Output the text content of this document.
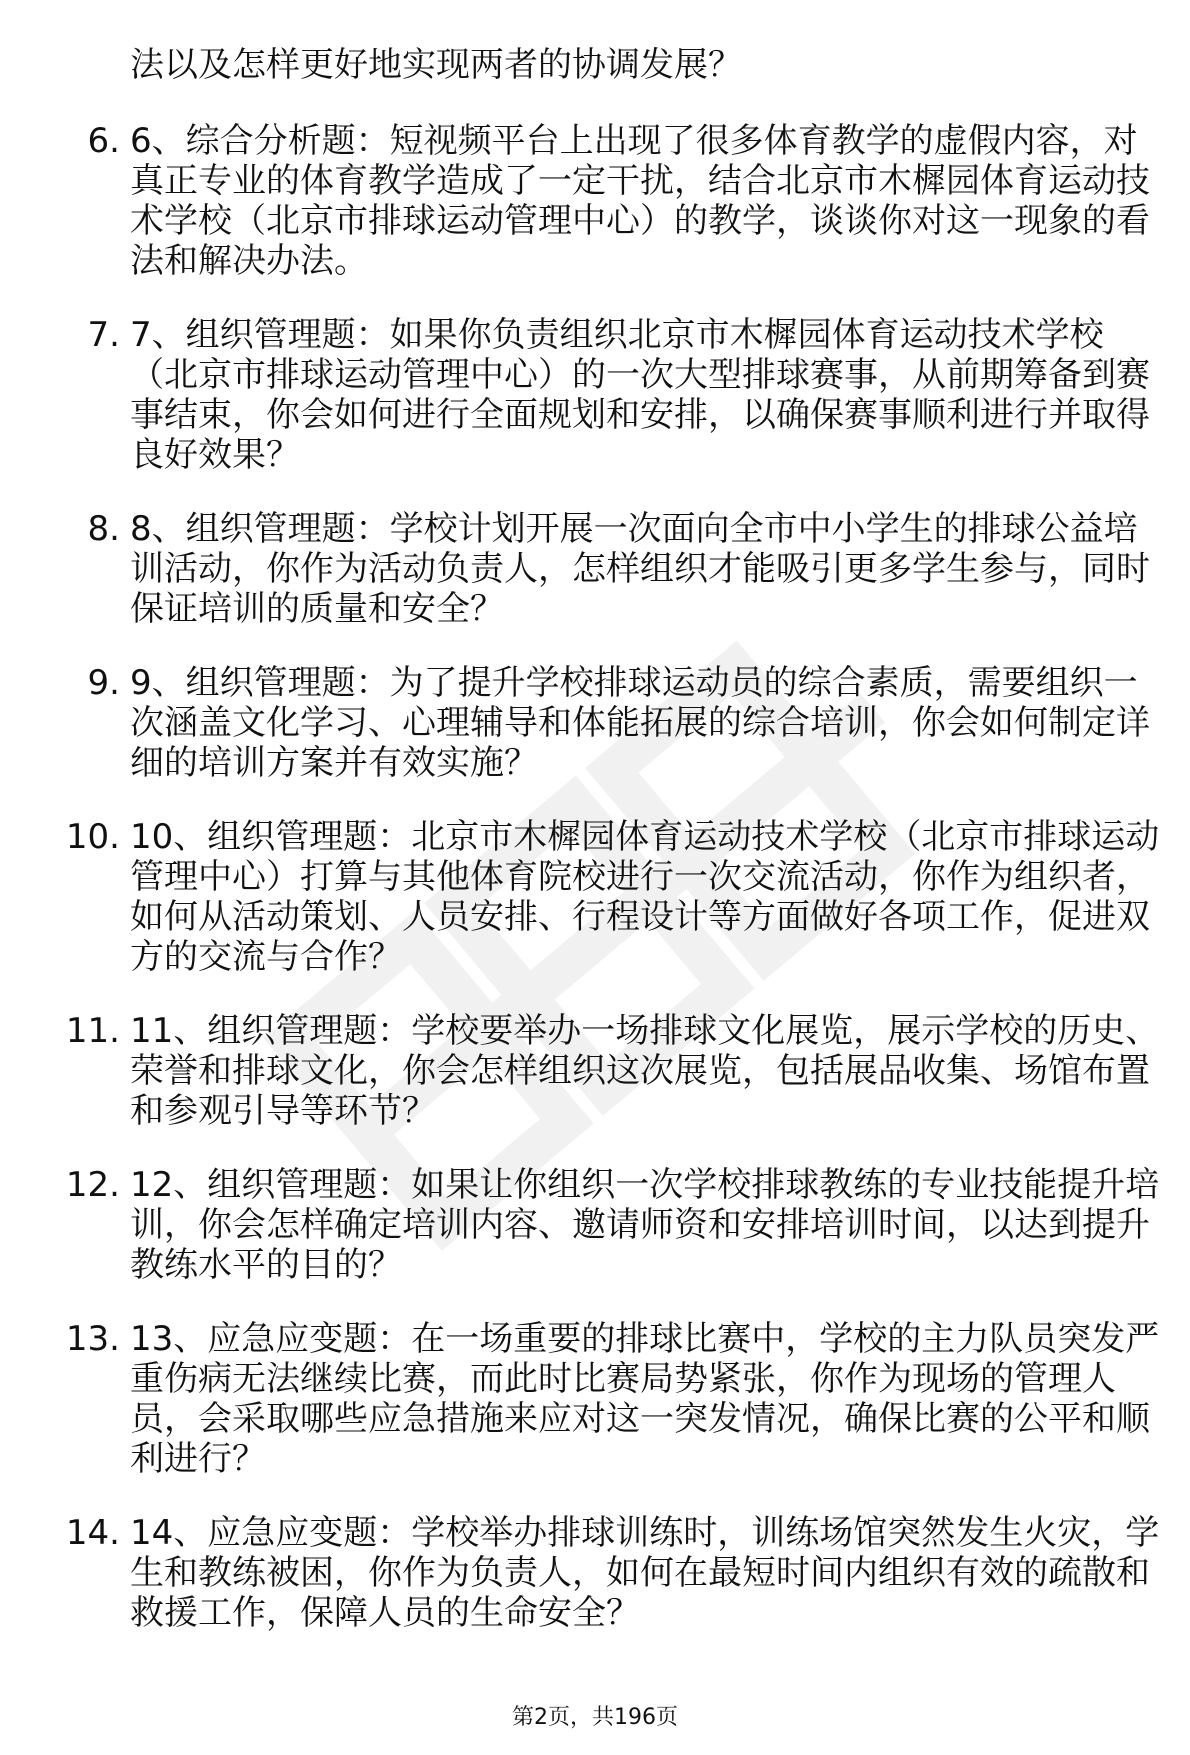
法以及怎样更好地实现两者的协调发展？
6. 6、综合分析题：短视频平台上出现了很多体育教学的虚假内容，对真正专业的体育教学造成了一定干扰，结合北京市木樨园体育运动技术学校（北京市排球运动管理中心）的教学，谈谈你对这一现象的看法和解决办法。
7. 7、组织管理题：如果你负责组织北京市木樨园体育运动技术学校（北京市排球运动管理中心）的一次大型排球赛事，从前期筹备到赛事结束，你会如何进行全面规划和安排，以确保赛事顺利进行并取得良好效果？
8. 8、组织管理题：学校计划开展一次面向全市中小学生的排球公益培训活动，你作为活动负责人，怎样组织才能吸引更多学生参与，同时保证培训的质量和安全？
9. 9、组织管理题：为了提升学校排球运动员的综合素质，需要组织一次涵盖文化学习、心理辅导和体能拓展的综合培训，你会如何制定详细的培训方案并有效实施？
10. 10、组织管理题：北京市木樨园体育运动技术学校（北京市排球运动管理中心）打算与其他体育院校进行一次交流活动，你作为组织者，如何从活动策划、人员安排、行程设计等方面做好各项工作，促进双方的交流与合作？
11. 11、组织管理题：学校要举办一场排球文化展览，展示学校的历史、荣誉和排球文化，你会怎样组织这次展览，包括展品收集、场馆布置和参观引导等环节？
12. 12、组织管理题：如果让你组织一次学校排球教练的专业技能提升培训，你会怎样确定培训内容、邀请师资和安排培训时间，以达到提升教练水平的目的？
13. 13、应急应变题：在一场重要的排球比赛中，学校的主力队员突发严重伤病无法继续比赛，而此时比赛局势紧张，你作为现场的管理人员，会采取哪些应急措施来应对这一突发情况，确保比赛的公平和顺利进行？
14. 14、应急应变题：学校举办排球训练时，训练场馆突然发生火灾，学生和教练被困，你作为负责人，如何在最短时间内组织有效的疏散和救援工作，保障人员的生命安全？
第2页，共196页
